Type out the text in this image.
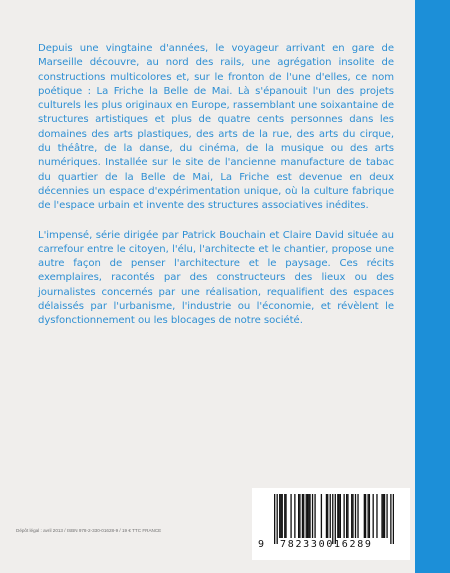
Depuis une vingtaine d'années, le voyageur arrivant en gare de Marseille découvre, au nord des rails, une agrégation insolite de constructions multicolores et, sur le fronton de l'une d'elles, ce nom poétique : La Friche la Belle de Mai. Là s'épanouit l'un des projets culturels les plus originaux en Europe, rassemblant une soixantaine de structures artistiques et plus de quatre cents personnes dans les domaines des arts plastiques, des arts de la rue, des arts du cirque, du théâtre, de la danse, du cinéma, de la musique ou des arts numériques. Installée sur le site de l'ancienne manufacture de tabac du quartier de la Belle de Mai, La Friche est devenue en deux décennies un espace d'expérimentation unique, où la culture fabrique de l'espace urbain et invente des structures associatives inédites.

L'impensé, série dirigée par Patrick Bouchain et Claire David située au carrefour entre le citoyen, l'élu, l'architecte et le chantier, propose une autre façon de penser l'architecture et le paysage. Ces récits exemplaires, racontés par des constructeurs des lieux ou des journalistes concernés par une réalisation, requalifient des espaces délaissés par l'urbanisme, l'industrie ou l'économie, et révèlent le dysfonctionnement ou les blocages de notre société.

Dépôt légal : avril 2013 / ISBN 978-2-330-01628-9 / 19 € TTC FRANCE
9 782330016289
